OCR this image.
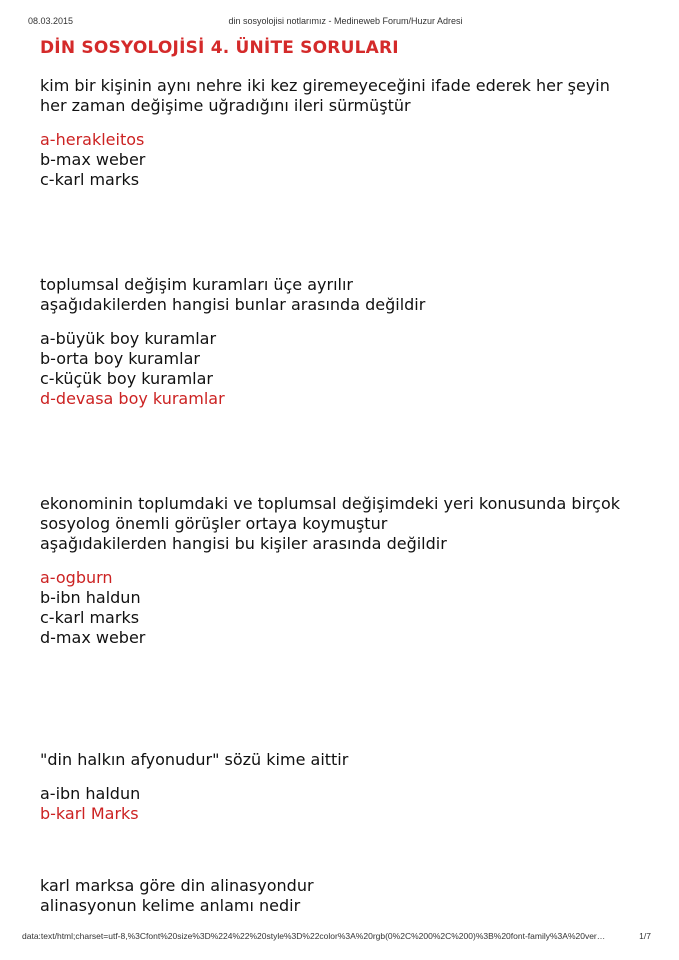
08.03.2015	din sosyolojisi notlarımız - Medineweb Forum/Huzur Adresi
DİN SOSYOLOJİSİ 4. ÜNİTE SORULARI
kim bir kişinin aynı nehre iki kez giremeyeceğini ifade ederek her şeyin
her zaman değişime uğradığını ileri sürmüştür
a-herakleitos
b-max weber
c-karl marks
toplumsal değişim kuramları üçe ayrılır
aşağıdakilerden hangisi bunlar arasında değildir
a-büyük boy kuramlar
b-orta boy kuramlar
c-küçük boy kuramlar
d-devasa boy kuramlar
ekonominin toplumdaki ve toplumsal değişimdeki yeri konusunda birçok
sosyolog önemli görüşler ortaya koymuştur
aşağıdakilerden hangisi bu kişiler arasında değildir
a-ogburn
b-ibn haldun
c-karl marks
d-max weber
"din halkın afyonudur" sözü kime aittir
a-ibn haldun
b-karl Marks
karl marksa göre din alinasyondur
alinasyonun kelime anlamı nedir
data:text/html;charset=utf-8,%3Cfont%20size%3D%224%22%20style%3D%22color%3A%20rgb(0%2C%200%2C%200)%3B%20font-family%3A%20ver…	1/7
